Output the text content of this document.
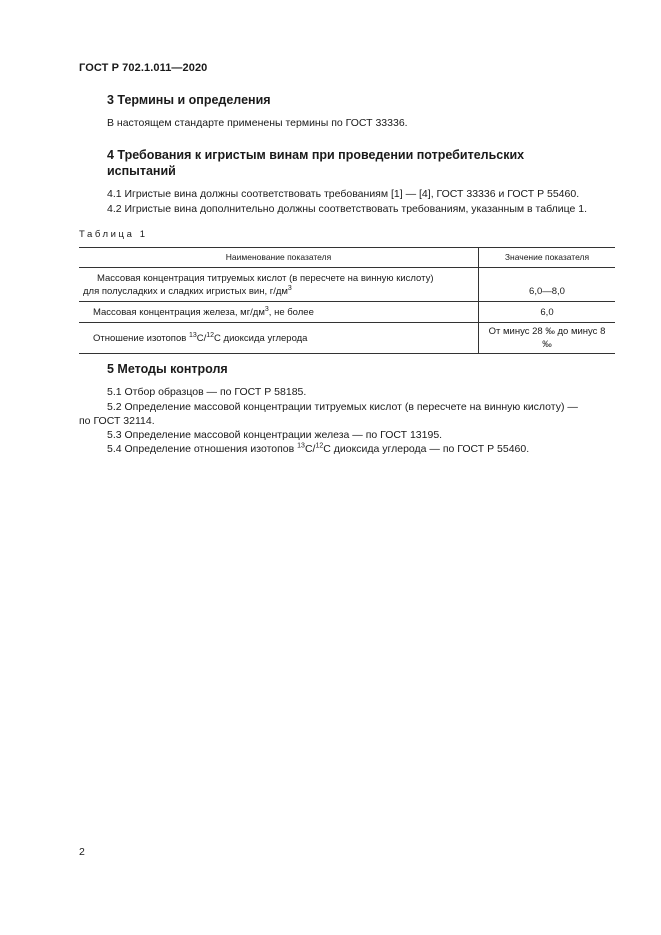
ГОСТ Р 702.1.011—2020
3 Термины и определения
В настоящем стандарте применены термины по ГОСТ 33336.
4 Требования к игристым винам при проведении потребительских
испытаний
4.1 Игристые вина должны соответствовать требованиям [1] — [4], ГОСТ 33336 и ГОСТ Р 55460.
4.2 Игристые вина дополнительно должны соответствовать требованиям, указанным в таблице 1.
Таблица 1
Наименование показателя	Значение показателя

Массовая концентрация титруемых кислот (в пересчете на винную кислоту)
для полусладких и сладких игристых вин, $г/дм^3$	6,0—8,0
Массовая концентрация железа, $мг/дм^3$, не более	6,0
Отношение изотопов $^{13}$С/$^{12}$С диоксида углерода	От минус 28 ‰ до минус 8 ‰
5 Методы контроля
5.1 Отбор образцов — по ГОСТ Р 58185.
5.2 Определение массовой концентрации титруемых кислот (в пересчете на винную кислоту) —
по ГОСТ 32114.
5.3 Определение массовой концентрации железа — по ГОСТ 13195.
5.4 Определение отношения изотопов $^{13}$С/$^{12}$С диоксида углерода — по ГОСТ Р 55460.
2
